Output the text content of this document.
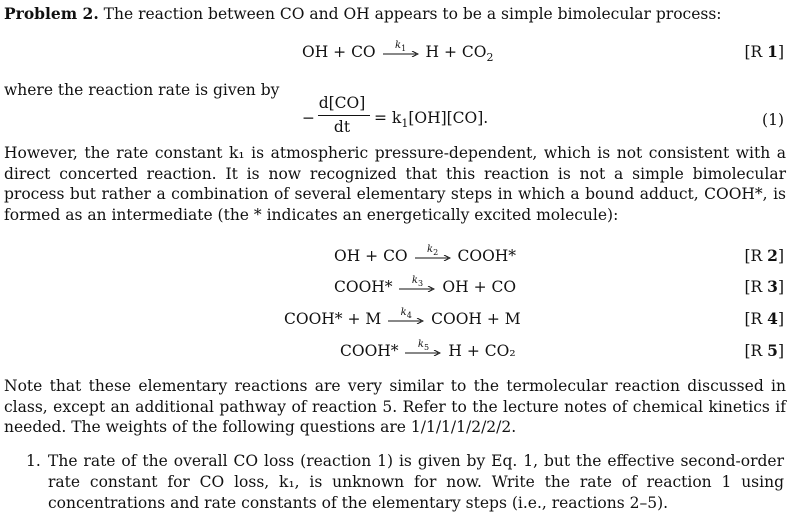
Problem 2. The reaction between CO and OH appears to be a simple bimolecular process:
OH + CO	$k_1$	$H + CO_2$	[R 1]
where the reaction rate is given by
−
d[CO]
dt	= $k_1[OH][CO]$.	(1)
However, the rate constant k₁ is atmospheric pressure-dependent, which is not consistent with a direct concerted reaction. It is now recognized that this reaction is not a simple bimolecular process but rather a combination of several elementary steps in which a bound adduct, COOH*, is formed as an intermediate (the * indicates an energetically excited molecule):
OH + CO	$k_2$	COOH*	[R 2]
COOH*	$k_3$	OH + CO	[R 3]
COOH* + M	$k_4$	COOH + M	[R 4]
COOH*	$k_5$	H + CO₂	[R 5]
Note that these elementary reactions are very similar to the termolecular reaction discussed in class, except an additional pathway of reaction 5. Refer to the lecture notes of chemical kinetics if needed. The weights of the following questions are 1/1/1/1/2/2/2.
1. The rate of the overall CO loss (reaction 1) is given by Eq. 1, but the effective second-order rate constant for CO loss, k₁, is unknown for now. Write the rate of reaction 1 using concentrations and rate constants of the elementary steps (i.e., reactions 2–5).
